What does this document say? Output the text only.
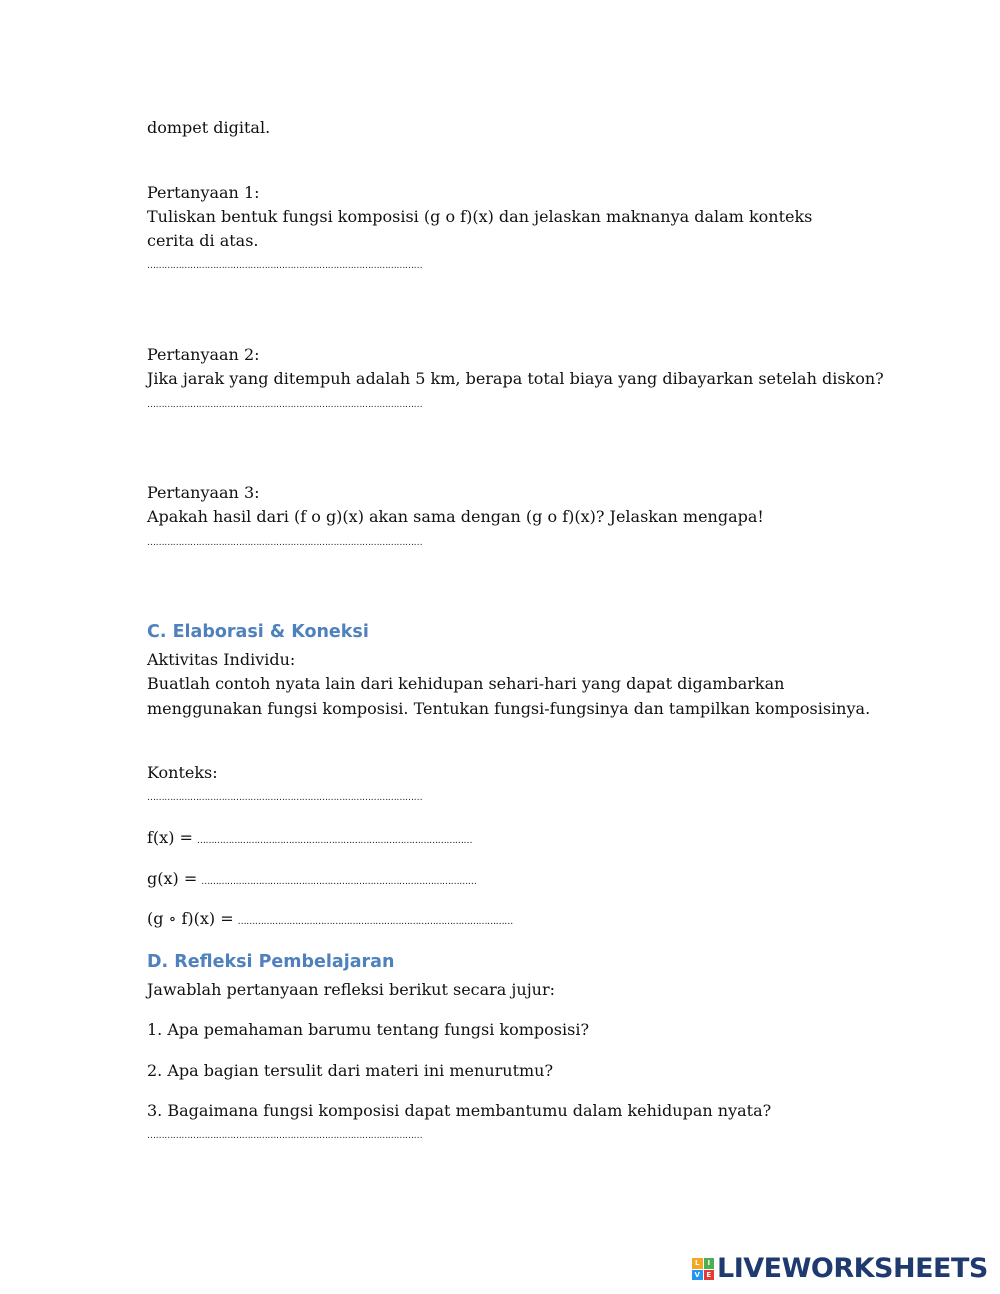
dompet digital.

Pertanyaan 1:

Tuliskan bentuk fungsi komposisi (g o f)(x) dan jelaskan maknanya dalam konteks cerita di atas.

……………………………………………………………………………………

Pertanyaan 2:

Jika jarak yang ditempuh adalah 5 km, berapa total biaya yang dibayarkan setelah diskon?

……………………………………………………………………………………

Pertanyaan 3:

Apakah hasil dari (f o g)(x) akan sama dengan (g o f)(x)? Jelaskan mengapa!

……………………………………………………………………………………

C. Elaborasi & Koneksi

Aktivitas Individu:

Buatlah contoh nyata lain dari kehidupan sehari-hari yang dapat digambarkan

menggunakan fungsi komposisi. Tentukan fungsi-fungsinya dan tampilkan komposisinya.

Konteks:

……………………………………………………………………………………

f(x) = ……………………………………………………………………………………
g(x) = ……………………………………………………………………………………
(g ∘ f)(x) = ……………………………………………………………………………………
D. Refleksi Pembelajaran

Jawablah pertanyaan refleksi berikut secara jujur:

1. Apa pemahaman barumu tentang fungsi komposisi?

2. Apa bagian tersulit dari materi ini menurutmu?

3. Bagaimana fungsi komposisi dapat membantumu dalam kehidupan nyata?

……………………………………………………………………………………

L	I
V E LIVEWORKSHEETS
